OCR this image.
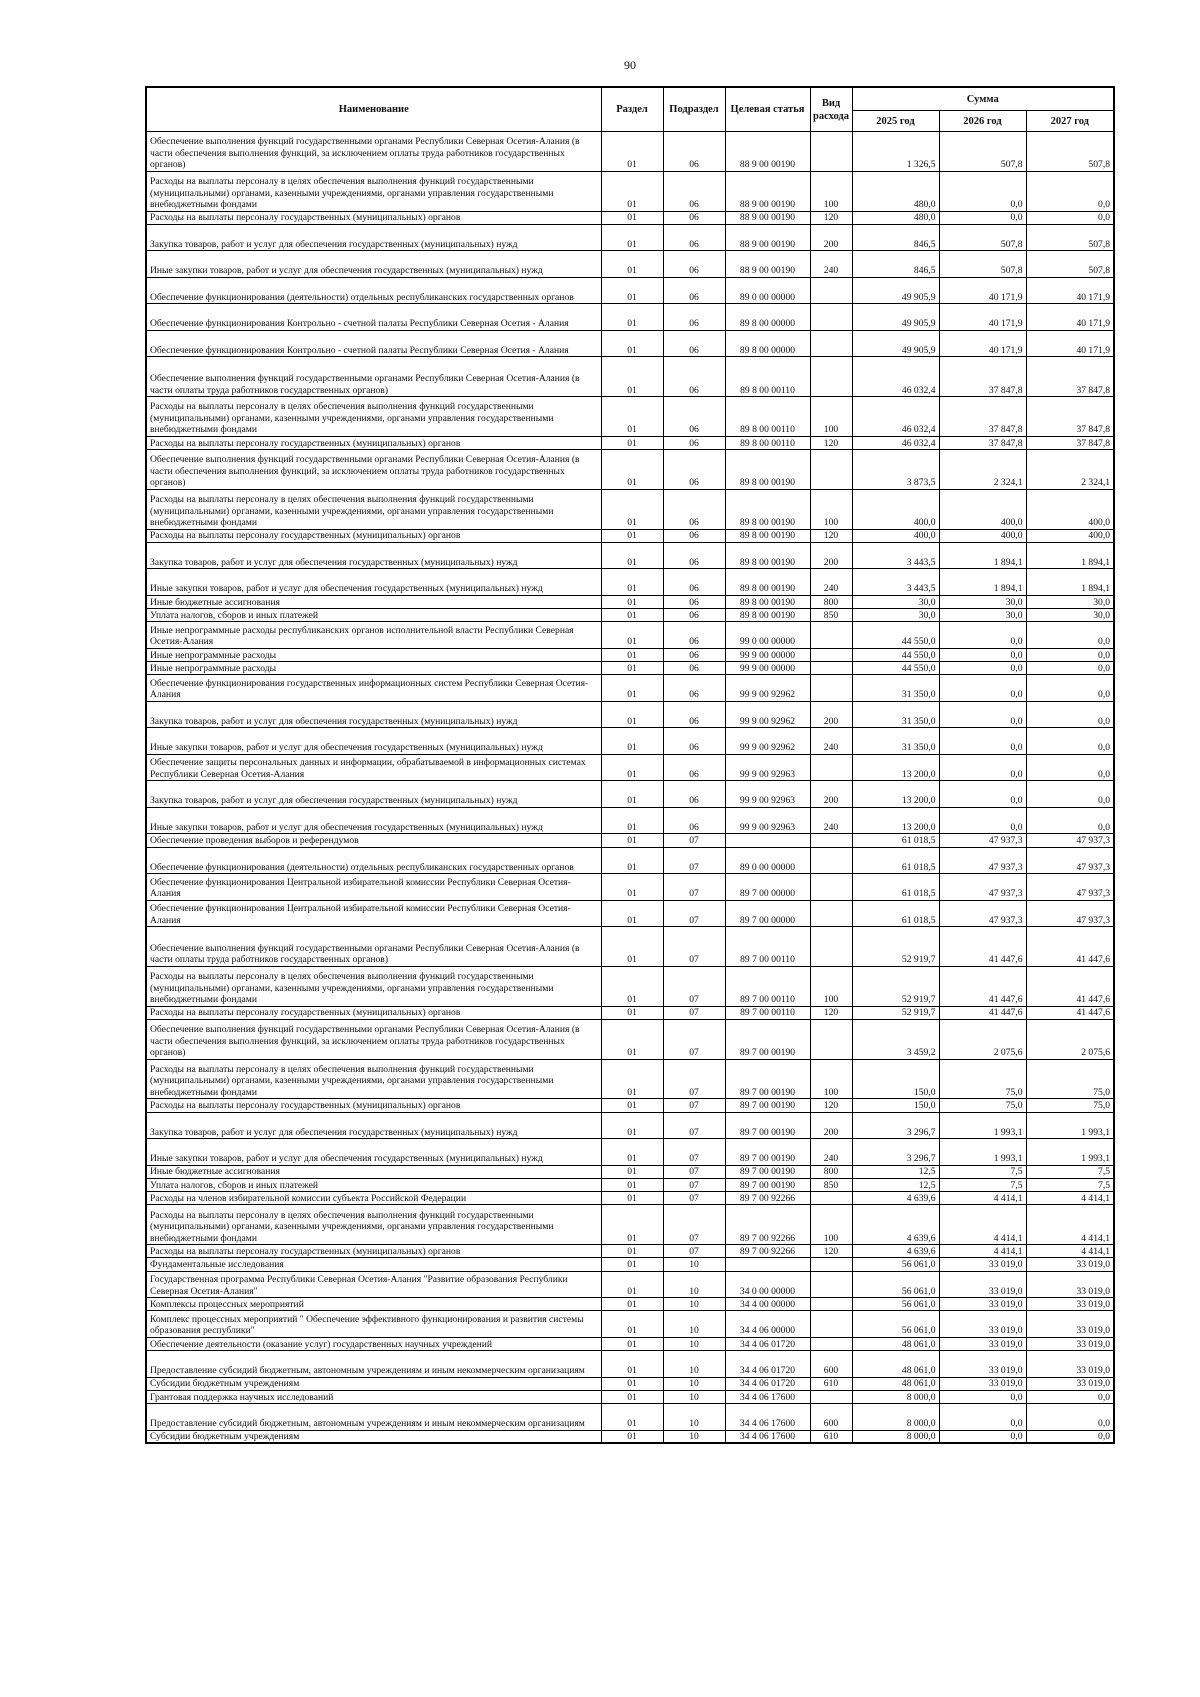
90
Наименование	Раздел	Подраздел	Целевая статья	Вид расхода	Сумма		
					2025 год	2026 год	2027 год
Обеспечение выполнения функций государственными органами Республики Северная Осетия-Алания (в части обеспечения выполнения функций, за исключением оплаты труда работников государственных органов)	01	06	88 9 00 00190		1 326,5	507,8	507,8
Расходы на выплаты персоналу в целях обеспечения выполнения функций государственными (муниципальными) органами, казенными учреждениями, органами управления государственными внебюджетными фондами	01	06	88 9 00 00190	100	480,0	0,0	0,0
Расходы на выплаты персоналу государственных (муниципальных) органов	01	06	88 9 00 00190	120	480,0	0,0	0,0
Закупка товаров, работ и услуг для обеспечения государственных (муниципальных) нужд	01	06	88 9 00 00190	200	846,5	507,8	507,8
Иные закупки товаров, работ и услуг для обеспечения государственных (муниципальных) нужд	01	06	88 9 00 00190	240	846,5	507,8	507,8
Обеспечение функционирования (деятельности) отдельных республиканских государственных органов	01	06	89 0 00 00000		49 905,9	40 171,9	40 171,9
Обеспечение функционирования Контрольно - счетной палаты Республики Северная Осетия - Алания	01	06	89 8 00 00000		49 905,9	40 171,9	40 171,9
Обеспечение функционирования Контрольно - счетной палаты Республики Северная Осетия - Алания	01	06	89 8 00 00000		49 905,9	40 171,9	40 171,9
Обеспечение выполнения функций государственными органами Республики Северная Осетия-Алания (в части оплаты труда работников государственных органов)	01	06	89 8 00 00110		46 032,4	37 847,8	37 847,8
Расходы на выплаты персоналу в целях обеспечения выполнения функций государственными (муниципальными) органами, казенными учреждениями, органами управления государственными внебюджетными фондами	01	06	89 8 00 00110	100	46 032,4	37 847,8	37 847,8
Расходы на выплаты персоналу государственных (муниципальных) органов	01	06	89 8 00 00110	120	46 032,4	37 847,8	37 847,8
Обеспечение выполнения функций государственными органами Республики Северная Осетия-Алания (в части обеспечения выполнения функций, за исключением оплаты труда работников государственных органов)	01	06	89 8 00 00190		3 873,5	2 324,1	2 324,1
Расходы на выплаты персоналу в целях обеспечения выполнения функций государственными (муниципальными) органами, казенными учреждениями, органами управления государственными внебюджетными фондами	01	06	89 8 00 00190	100	400,0	400,0	400,0
Расходы на выплаты персоналу государственных (муниципальных) органов	01	06	89 8 00 00190	120	400,0	400,0	400,0
Закупка товаров, работ и услуг для обеспечения государственных (муниципальных) нужд	01	06	89 8 00 00190	200	3 443,5	1 894,1	1 894,1
Иные закупки товаров, работ и услуг для обеспечения государственных (муниципальных) нужд	01	06	89 8 00 00190	240	3 443,5	1 894,1	1 894,1
Иные бюджетные ассигнования	01	06	89 8 00 00190	800	30,0	30,0	30,0
Уплата налогов, сборов и иных платежей	01	06	89 8 00 00190	850	30,0	30,0	30,0
Иные непрограммные расходы республиканских органов исполнительной власти Республики Северная Осетия-Алания	01	06	99 0 00 00000		44 550,0	0,0	0,0
Иные непрограммные расходы	01	06	99 9 00 00000		44 550,0	0,0	0,0
Иные непрограммные расходы	01	06	99 9 00 00000		44 550,0	0,0	0,0
Обеспечение функционирования государственных информационных систем Республики Северная Осетия-Алания	01	06	99 9 00 92962		31 350,0	0,0	0,0
Закупка товаров, работ и услуг для обеспечения государственных (муниципальных) нужд	01	06	99 9 00 92962	200	31 350,0	0,0	0,0
Иные закупки товаров, работ и услуг для обеспечения государственных (муниципальных) нужд	01	06	99 9 00 92962	240	31 350,0	0,0	0,0
Обеспечение защиты персональных данных и информации, обрабатываемой в информационных системах Республики Северная Осетия-Алания	01	06	99 9 00 92963		13 200,0	0,0	0,0
Закупка товаров, работ и услуг для обеспечения государственных (муниципальных) нужд	01	06	99 9 00 92963	200	13 200,0	0,0	0,0
Иные закупки товаров, работ и услуг для обеспечения государственных (муниципальных) нужд	01	06	99 9 00 92963	240	13 200,0	0,0	0,0
Обеспечение проведения выборов и референдумов	01	07			61 018,5	47 937,3	47 937,3
Обеспечение функционирования (деятельности) отдельных республиканских государственных органов	01	07	89 0 00 00000		61 018,5	47 937,3	47 937,3
Обеспечение функционирования Центральной избирательной комиссии Республики Северная Осетия-Алания	01	07	89 7 00 00000		61 018,5	47 937,3	47 937,3
Обеспечение функционирования Центральной избирательной комиссии Республики Северная Осетия-Алания	01	07	89 7 00 00000		61 018,5	47 937,3	47 937,3
Обеспечение выполнения функций государственными органами Республики Северная Осетия-Алания (в части оплаты труда работников государственных органов)	01	07	89 7 00 00110		52 919,7	41 447,6	41 447,6
Расходы на выплаты персоналу в целях обеспечения выполнения функций государственными (муниципальными) органами, казенными учреждениями, органами управления государственными внебюджетными фондами	01	07	89 7 00 00110	100	52 919,7	41 447,6	41 447,6
Расходы на выплаты персоналу государственных (муниципальных) органов	01	07	89 7 00 00110	120	52 919,7	41 447,6	41 447,6
Обеспечение выполнения функций государственными органами Республики Северная Осетия-Алания (в части обеспечения выполнения функций, за исключением оплаты труда работников государственных органов)	01	07	89 7 00 00190		3 459,2	2 075,6	2 075,6
Расходы на выплаты персоналу в целях обеспечения выполнения функций государственными (муниципальными) органами, казенными учреждениями, органами управления государственными внебюджетными фондами	01	07	89 7 00 00190	100	150,0	75,0	75,0
Расходы на выплаты персоналу государственных (муниципальных) органов	01	07	89 7 00 00190	120	150,0	75,0	75,0
Закупка товаров, работ и услуг для обеспечения государственных (муниципальных) нужд	01	07	89 7 00 00190	200	3 296,7	1 993,1	1 993,1
Иные закупки товаров, работ и услуг для обеспечения государственных (муниципальных) нужд	01	07	89 7 00 00190	240	3 296,7	1 993,1	1 993,1
Иные бюджетные ассигнования	01	07	89 7 00 00190	800	12,5	7,5	7,5
Уплата налогов, сборов и иных платежей	01	07	89 7 00 00190	850	12,5	7,5	7,5
Расходы на членов избирательной комиссии субъекта Российской Федерации	01	07	89 7 00 92266		4 639,6	4 414,1	4 414,1
Расходы на выплаты персоналу в целях обеспечения выполнения функций государственными (муниципальными) органами, казенными учреждениями, органами управления государственными внебюджетными фондами	01	07	89 7 00 92266	100	4 639,6	4 414,1	4 414,1
Расходы на выплаты персоналу государственных (муниципальных) органов	01	07	89 7 00 92266	120	4 639,6	4 414,1	4 414,1
Фундаментальные исследования	01	10			56 061,0	33 019,0	33 019,0
Государственная программа Республики Северная Осетия-Алания "Развитие образования Республики Северная Осетия-Алания"	01	10	34 0 00 00000		56 061,0	33 019,0	33 019,0
Комплексы процессных мероприятий	01	10	34 4 00 00000		56 061,0	33 019,0	33 019,0
Комплекс процессных мероприятий " Обеспечение эффективного функционирования и развития системы образования республики"	01	10	34 4 06 00000		56 061,0	33 019,0	33 019,0
Обеспечение деятельности (оказание услуг) государственных научных учреждений	01	10	34 4 06 01720		48 061,0	33 019,0	33 019,0
Предоставление субсидий бюджетным, автономным учреждениям и иным некоммерческим организациям	01	10	34 4 06 01720	600	48 061,0	33 019,0	33 019,0
Субсидии бюджетным учреждениям	01	10	34 4 06 01720	610	48 061,0	33 019,0	33 019,0
Грантовая поддержка научных исследований	01	10	34 4 06 17600		8 000,0	0,0	0,0
Предоставление субсидий бюджетным, автономным учреждениям и иным некоммерческим организациям	01	10	34 4 06 17600	600	8 000,0	0,0	0,0
Субсидии бюджетным учреждениям	01	10	34 4 06 17600	610	8 000,0	0,0	0,0
